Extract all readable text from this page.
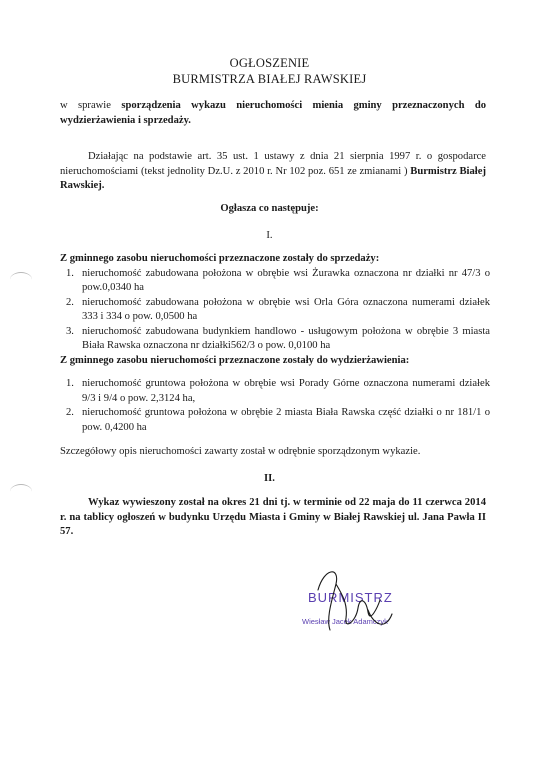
OGŁOSZENIE
BURMISTRZA BIAŁEJ RAWSKIEJ
w sprawie sporządzenia wykazu nieruchomości mienia gminy przeznaczonych do wydzierżawienia i sprzedaży.
Działając na podstawie art. 35 ust. 1 ustawy z dnia 21 sierpnia 1997 r. o gospodarce nieruchomościami (tekst jednolity Dz.U. z 2010 r. Nr 102 poz. 651 ze zmianami ) Burmistrz Białej Rawskiej.
Ogłasza co następuje:
I.
Z gminnego zasobu nieruchomości przeznaczone zostały do sprzedaży:
1. nieruchomość zabudowana położona w obrębie wsi Żurawka oznaczona nr działki nr 47/3 o pow.0,0340 ha
2. nieruchomość zabudowana położona w obrębie wsi Orla Góra oznaczona numerami działek 333 i 334 o pow. 0,0500 ha
3. nieruchomość zabudowana budynkiem handlowo - usługowym położona w obrębie 3 miasta Biała Rawska oznaczona nr działki562/3 o pow. 0,0100 ha
Z gminnego zasobu nieruchomości przeznaczone zostały do wydzierżawienia:
1. nieruchomość gruntowa położona w obrębie wsi Porady Górne oznaczona numerami działek 9/3 i 9/4 o pow. 2,3124 ha,
2. nieruchomość gruntowa położona w obrębie 2 miasta Biała Rawska część działki o nr 181/1 o pow. 0,4200 ha
Szczegółowy opis nieruchomości zawarty został w odrębnie sporządzonym wykazie.
II.
Wykaz wywieszony został na okres 21 dni tj. w terminie od 22 maja do 11 czerwca 2014 r. na tablicy ogłoszeń w budynku Urzędu Miasta i Gminy w Białej Rawskiej ul. Jana Pawła II 57.
BURMISTRZ
Wiesław Jacek Adamczyk
